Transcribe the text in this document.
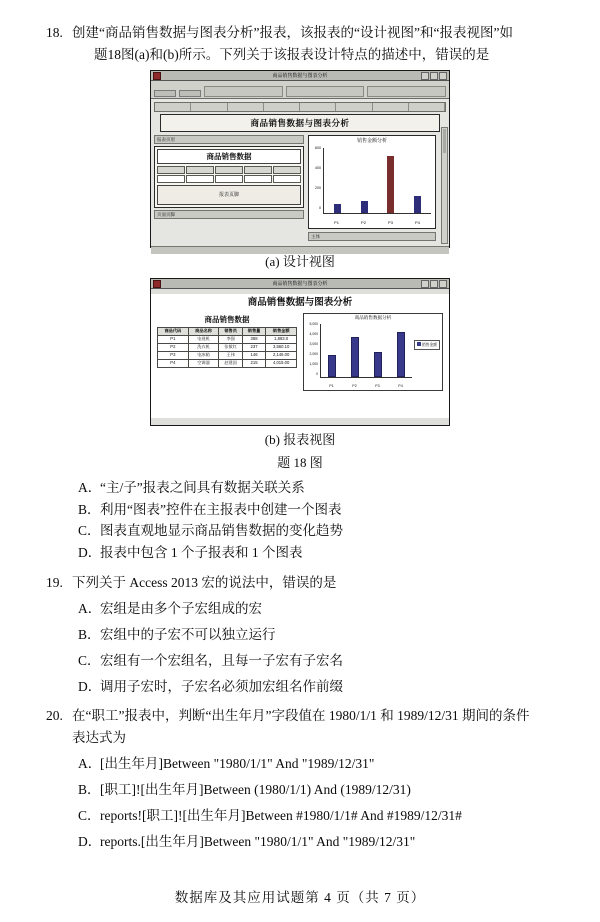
18. 创建“商品销售数据与图表分析”报表，该报表的“设计视图”和“报表视图”如
题18图(a)和(b)所示。下列关于该报表设计特点的描述中，错误的是
商品销售数据与图表分析
商品销售数据与图表分析
报表页眉
商品销售数据
报表页脚
页面页脚
销售金额分析
600
400
200
0
P1	P2	P3	P4
主体
(a) 设计视图
商品销售数据与图表分析
商品销售数据与图表分析
商品销售数据
商品代码	商品名称	销售员	销售量	销售金额
P1	电视机	李强	368	1,883.0
P2	洗衣机	张敏红	237	3,560.10
P3	电冰箱	王伟	146	2,146.00
P4	空调器	赵建国	215	4,015.00
商品销售数据分析
5,000
4,000
3,000
2,000
1,000
0
销售金额
P1	P2	P3	P4
(b) 报表视图
题 18 图
A．“主/子”报表之间具有数据关联关系
B．利用“图表”控件在主报表中创建一个图表
C．图表直观地显示商品销售数据的变化趋势
D．报表中包含 1 个子报表和 1 个图表
19. 下列关于 Access 2013 宏的说法中，错误的是
A．宏组是由多个子宏组成的宏
B．宏组中的子宏不可以独立运行
C．宏组有一个宏组名，且每一子宏有子宏名
D．调用子宏时，子宏名必须加宏组名作前缀
20. 在“职工”报表中，判断“出生年月”字段值在 1980/1/1 和 1989/12/31 期间的条件
表达式为
A．[出生年月]Between "1980/1/1" And "1989/12/31"
B．[职工]![出生年月]Between (1980/1/1) And (1989/12/31)
C．reports![职工]![出生年月]Between #1980/1/1# And #1989/12/31#
D．reports.[出生年月]Between "1980/1/1" And "1989/12/31"
数据库及其应用试题第 4 页（共 7 页）
